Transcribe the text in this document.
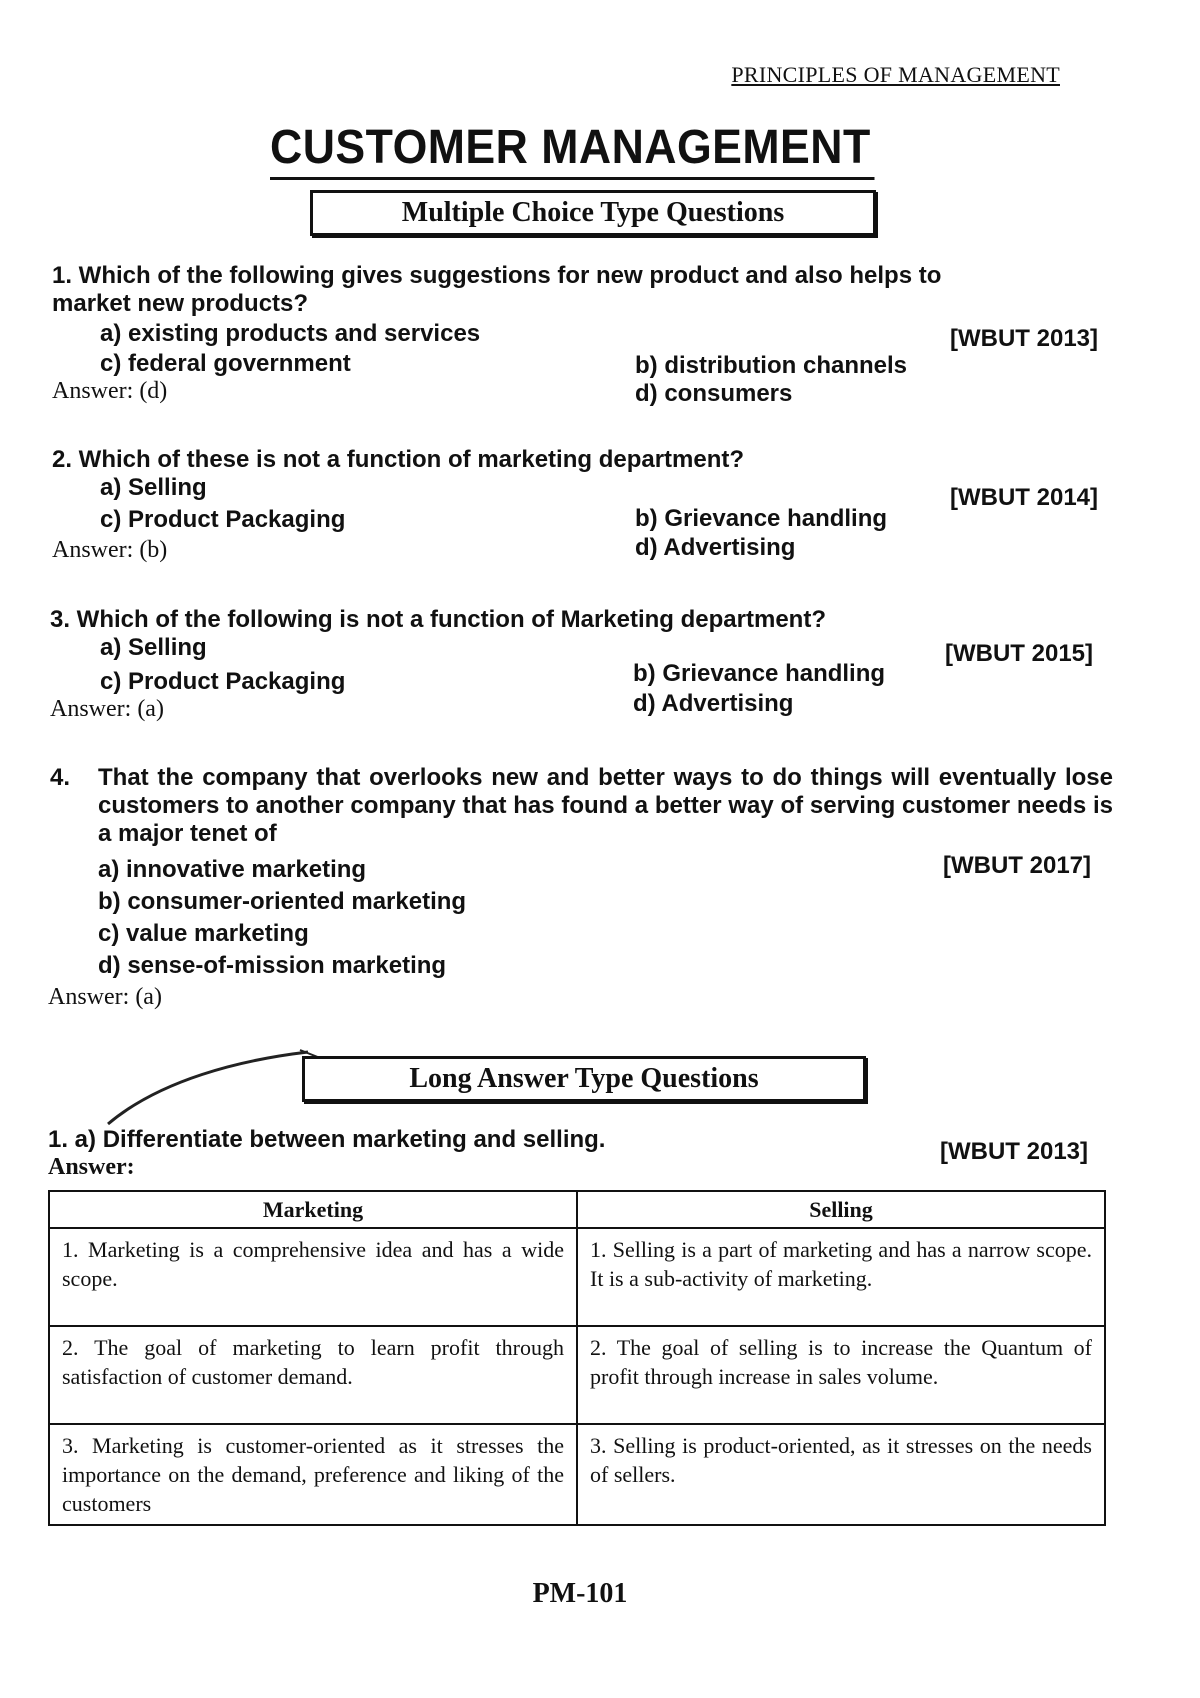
PRINCIPLES OF MANAGEMENT
CUSTOMER MANAGEMENT
Multiple Choice Type Questions
1. Which of the following gives suggestions for new product and also helps to
market new products?
[WBUT 2013]
a) existing products and services
c) federal government	b) distribution channels
d) consumers
Answer: (d)
2. Which of these is not a function of marketing department?
[WBUT 2014]
a) Selling
c) Product Packaging	b) Grievance handling
d) Advertising
Answer: (b)
3. Which of the following is not a function of Marketing department?
[WBUT 2015]
a) Selling
c) Product Packaging	b) Grievance handling
d) Advertising
Answer: (a)
4. That the company that overlooks new and better ways to do things will eventually lose customers to another company that has found a better way of serving customer needs is a major tenet of
[WBUT 2017]
a) innovative marketing
b) consumer-oriented marketing
c) value marketing
d) sense-of-mission marketing
Answer: (a)
Long Answer Type Questions
1. a) Differentiate between marketing and selling.	[WBUT 2013]
Answer:
Marketing	Selling
1. Marketing is a comprehensive idea and has a wide scope.	1. Selling is a part of marketing and has a narrow scope. It is a sub-activity of marketing.
2. The goal of marketing to learn profit through satisfaction of customer demand.	2. The goal of selling is to increase the Quantum of profit through increase in sales volume.
3. Marketing is customer-oriented as it stresses the importance on the demand, preference and liking of the customers	3. Selling is product-oriented, as it stresses on the needs of sellers.
PM-101
